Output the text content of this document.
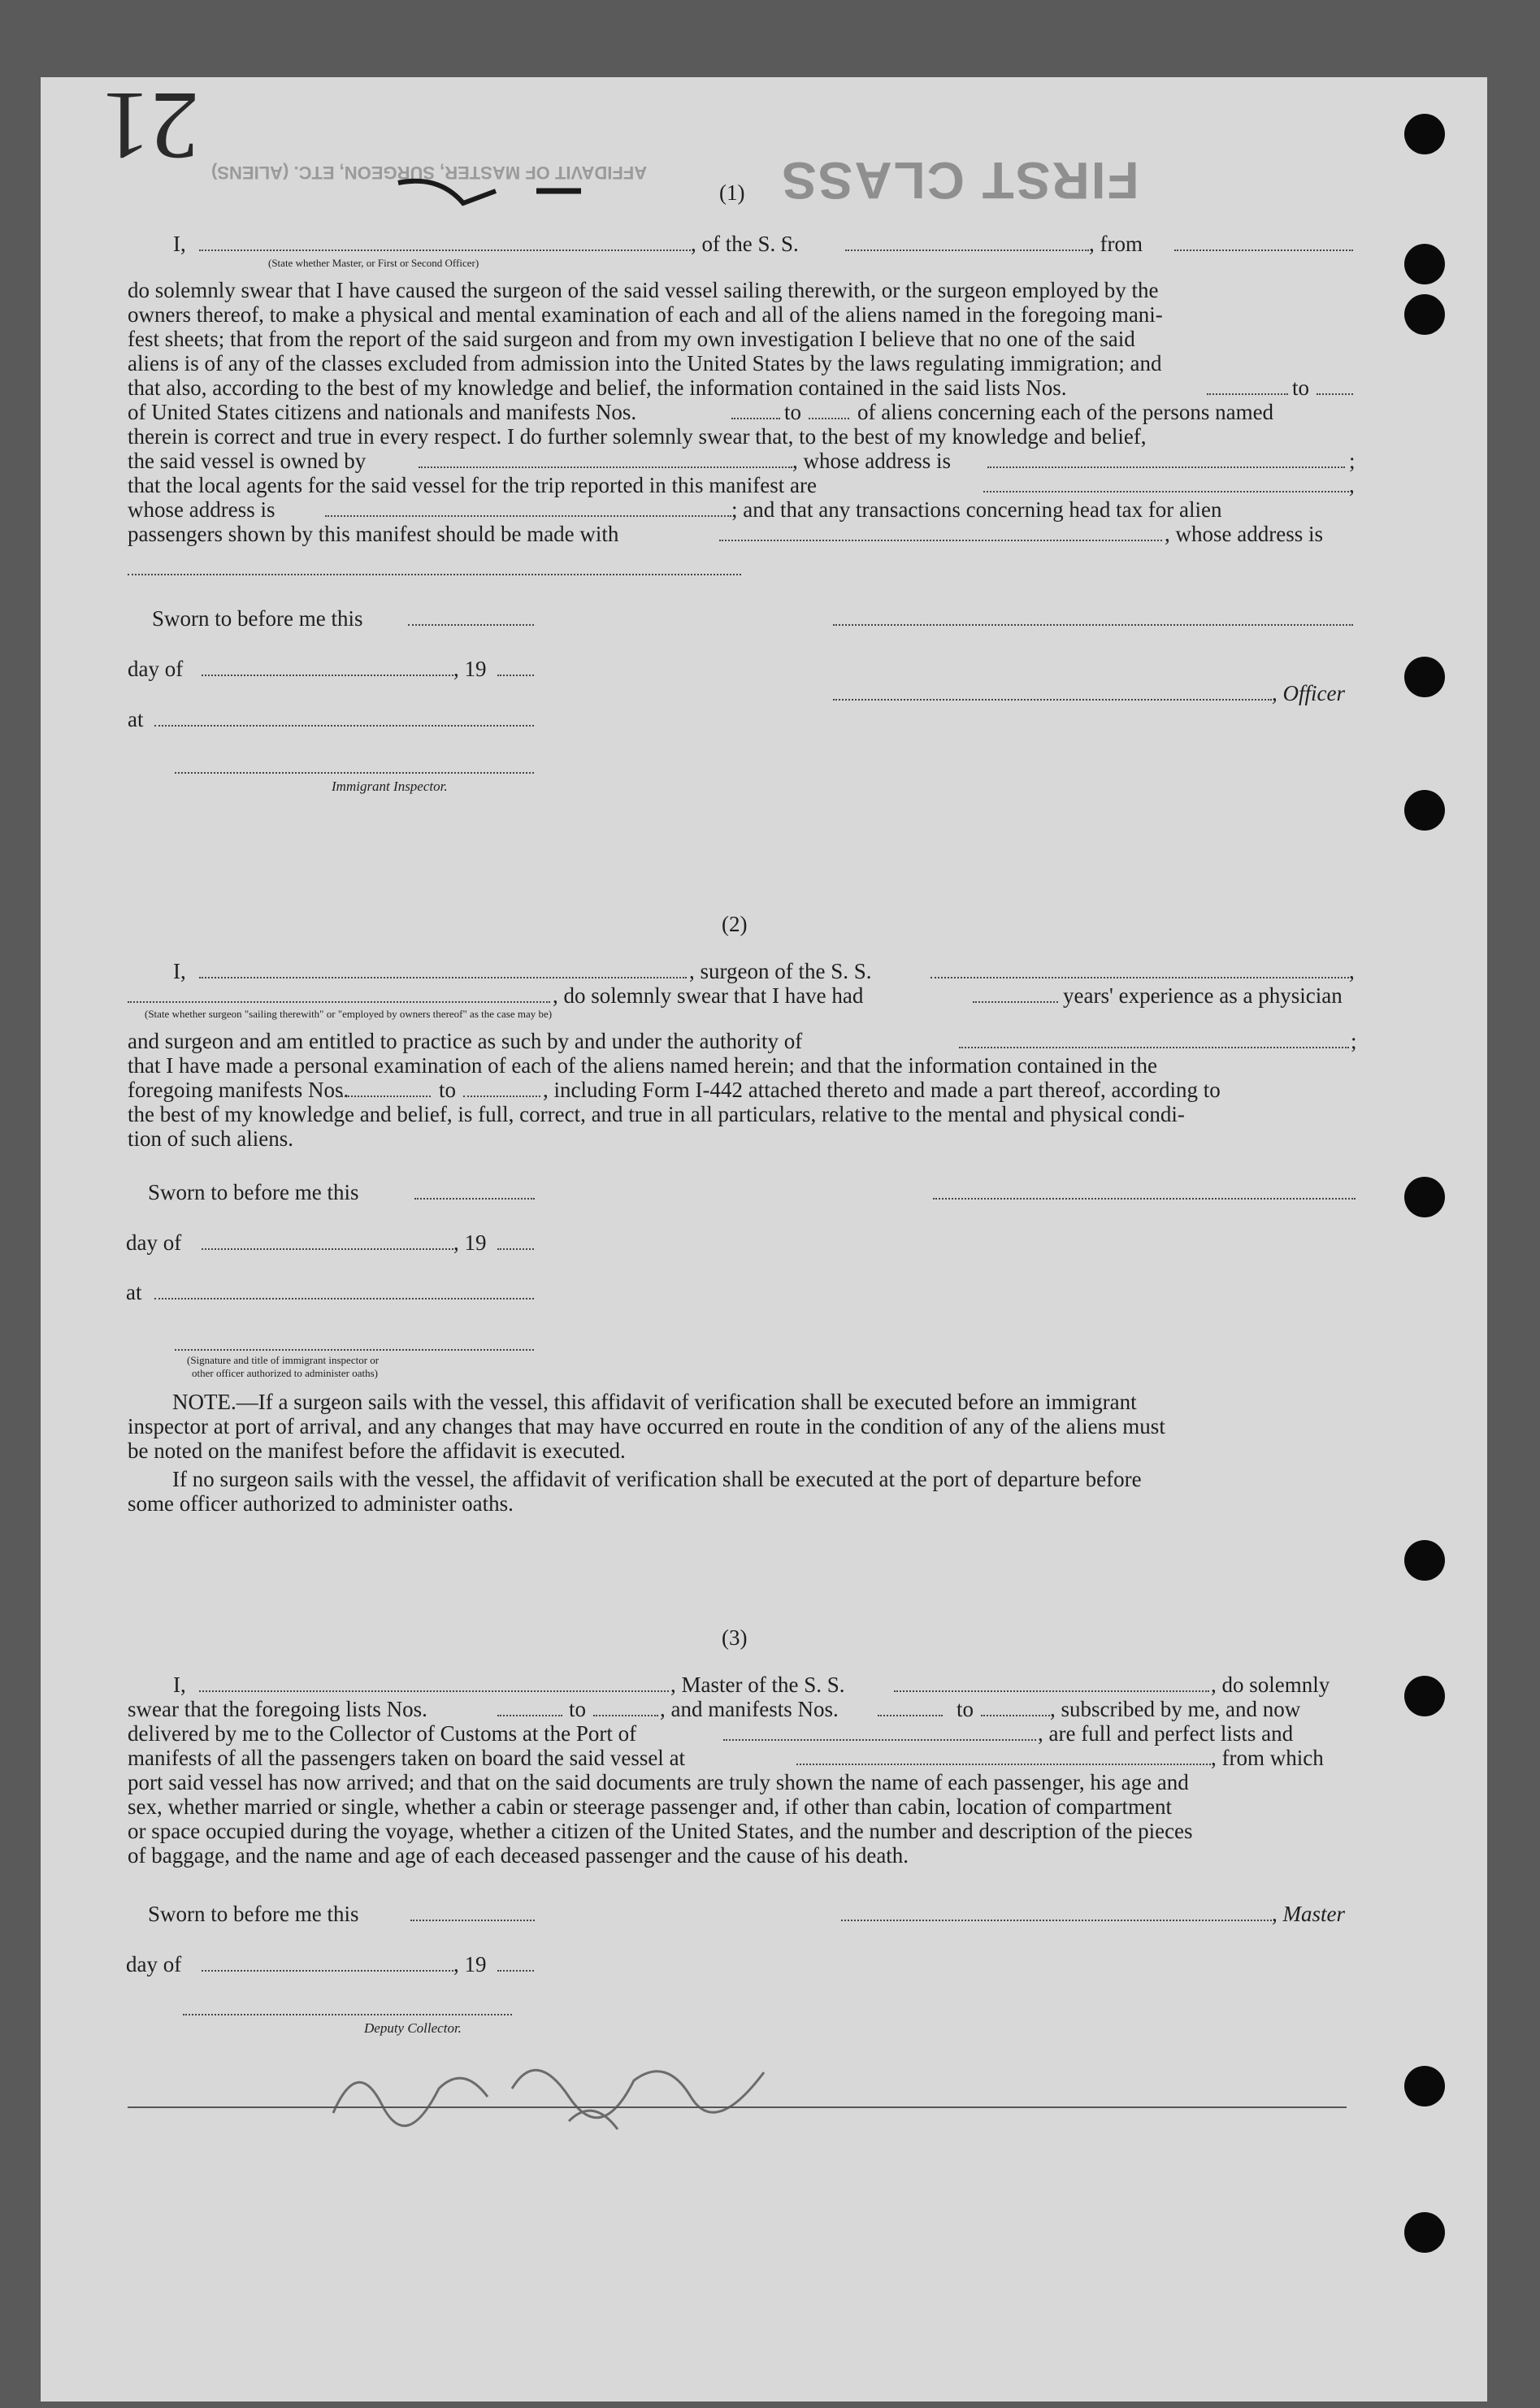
21	FIRST CLASS
AFFIDAVIT OF MASTER, SURGEON, ETC. (ALIENS)
(1)
I,	, of the S. S.	, from
(State whether Master, or First or Second Officer)
do solemnly swear that I have caused the surgeon of the said vessel sailing therewith, or the surgeon employed by the
owners thereof, to make a physical and mental examination of each and all of the aliens named in the foregoing mani-
fest sheets; that from the report of the said surgeon and from my own investigation I believe that no one of the said
aliens is of any of the classes excluded from admission into the United States by the laws regulating immigration; and
that also, according to the best of my knowledge and belief, the information contained in the said lists Nos.	to
of United States citizens and nationals and manifests Nos.	to	of aliens concerning each of the persons named
therein is correct and true in every respect. I do further solemnly swear that, to the best of my knowledge and belief,
the said vessel is owned by	, whose address is	;
that the local agents for the said vessel for the trip reported in this manifest are	,
whose address is	; and that any transactions concerning head tax for alien
passengers shown by this manifest should be made with	, whose address is
Sworn to before me this
day of	, 19
, Officer
at
Immigrant Inspector.
(2)
I,	, surgeon of the S. S.	,
, do solemnly swear that I have had	years' experience as a physician
(State whether surgeon "sailing therewith" or "employed by owners thereof" as the case may be)
and surgeon and am entitled to practice as such by and under the authority of	;
that I have made a personal examination of each of the aliens named herein; and that the information contained in the
foregoing manifests Nos.	to	, including Form I-442 attached thereto and made a part thereof, according to
the best of my knowledge and belief, is full, correct, and true in all particulars, relative to the mental and physical condi-
tion of such aliens.
Sworn to before me this
day of	, 19
at
(Signature and title of immigrant inspector or
other officer authorized to administer oaths)
NOTE.—If a surgeon sails with the vessel, this affidavit of verification shall be executed before an immigrant
inspector at port of arrival, and any changes that may have occurred en route in the condition of any of the aliens must
be noted on the manifest before the affidavit is executed.
If no surgeon sails with the vessel, the affidavit of verification shall be executed at the port of departure before
some officer authorized to administer oaths.
(3)
I,	, Master of the S. S.	, do solemnly
swear that the foregoing lists Nos.	to	, and manifests Nos.	to	, subscribed by me, and now
delivered by me to the Collector of Customs at the Port of	, are full and perfect lists and
manifests of all the passengers taken on board the said vessel at	, from which
port said vessel has now arrived; and that on the said documents are truly shown the name of each passenger, his age and
sex, whether married or single, whether a cabin or steerage passenger and, if other than cabin, location of compartment
or space occupied during the voyage, whether a citizen of the United States, and the number and description of the pieces
of baggage, and the name and age of each deceased passenger and the cause of his death.
Sworn to before me this	, Master
day of	, 19
Deputy Collector.
